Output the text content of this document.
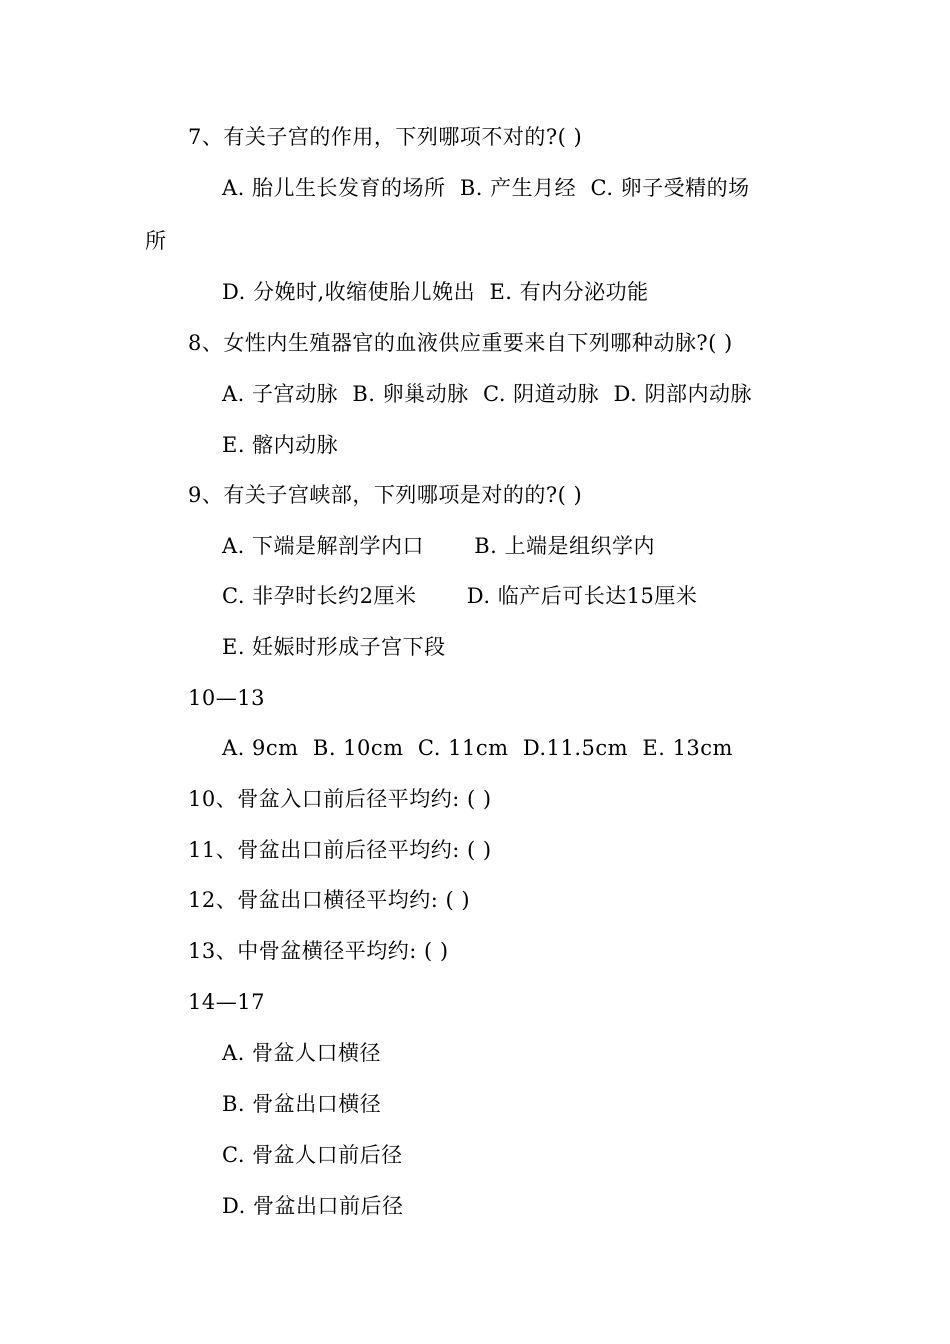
7、有关子宫的作用，下列哪项不对的?( )
A. 胎儿生长发育的场所  B. 产生月经  C. 卵子受精的场
所
D. 分娩时,收缩使胎儿娩出  E. 有内分泌功能
8、女性内生殖器官的血液供应重要来自下列哪种动脉?( )
A. 子宫动脉  B. 卵巢动脉  C. 阴道动脉  D. 阴部内动脉
E. 髂内动脉
9、有关子宫峡部，下列哪项是对的的?( )
A. 下端是解剖学内口       B. 上端是组织学内
C. 非孕时长约2厘米       D. 临产后可长达15厘米
E. 妊娠时形成子宫下段
10—13
A. 9cm  B. 10cm  C. 11cm  D.11.5cm  E. 13cm
10、骨盆入口前后径平均约: ( )
11、骨盆出口前后径平均约: ( )
12、骨盆出口横径平均约: ( )
13、中骨盆横径平均约: ( )
14—17
A. 骨盆人口横径
B. 骨盆出口横径
C. 骨盆人口前后径
D. 骨盆出口前后径
